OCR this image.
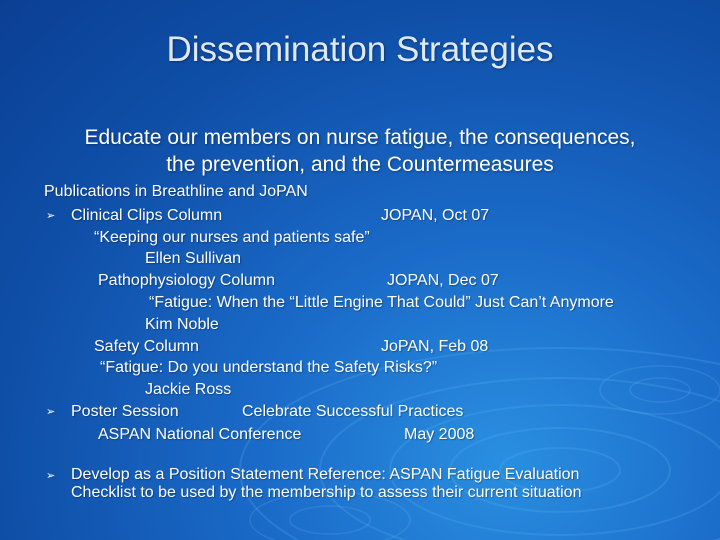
Dissemination Strategies
Educate our members on nurse fatigue, the consequences,
the prevention, and the Countermeasures
Publications in Breathline and JoPAN
➢ Clinical Clips Column	JOPAN, Oct 07
“Keeping our nurses and patients safe”
Ellen Sullivan
Pathophysiology Column	JOPAN, Dec 07
“Fatigue: When the “Little Engine That Could” Just Can’t Anymore
Kim Noble
Safety Column	JoPAN, Feb 08
“Fatigue: Do you understand the Safety Risks?”
Jackie Ross
➢ Poster Session	Celebrate Successful Practices
ASPAN National Conference	May 2008
➢ Develop as a Position Statement Reference: ASPAN Fatigue Evaluation
Checklist to be used by the membership to assess their current situation
